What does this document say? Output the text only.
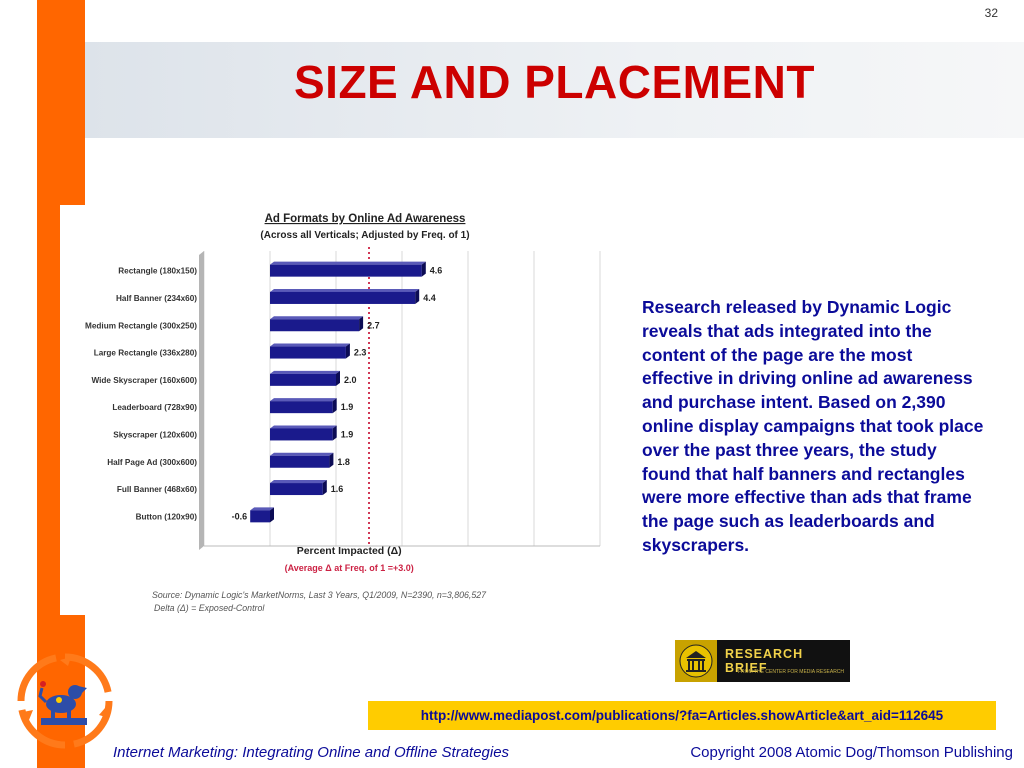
32
SIZE AND PLACEMENT
Ad Formats by Online Ad Awareness
(Across all Verticals; Adjusted by Freq. of 1)
Rectangle (180x150)	4.6
Half Banner (234x60)	4.4
Medium Rectangle (300x250)	2.7
Large Rectangle (336x280)	2.3
Wide Skyscraper (160x600)	2.0
Leaderboard (728x90)	1.9
Skyscraper (120x600)	1.9
Half Page Ad (300x600)	1.8
Full Banner (468x60)	1.6
Button (120x90)	-0.6
Percent Impacted (Δ)
(Average Δ at Freq. of 1 =+3.0)
Source: Dynamic Logic's MarketNorms, Last 3 Years, Q1/2009, N=2390, n=3,806,527
Delta (Δ) = Exposed-Control
Research released by Dynamic Logic reveals that ads integrated into the content of the page are the most effective in driving online ad awareness and purchase intent. Based on 2,390 online display campaigns that took place over the past three years, the study found that half banners and rectangles were more effective than ads that frame the page such as leaderboards and skyscrapers.
RESEARCH BRIEF
FROM THE CENTER FOR MEDIA RESEARCH
http://www.mediapost.com/publications/?fa=Articles.showArticle&art_aid=112645
Internet Marketing: Integrating Online and Offline Strategies	Copyright 2008 Atomic Dog/Thomson Publishing
